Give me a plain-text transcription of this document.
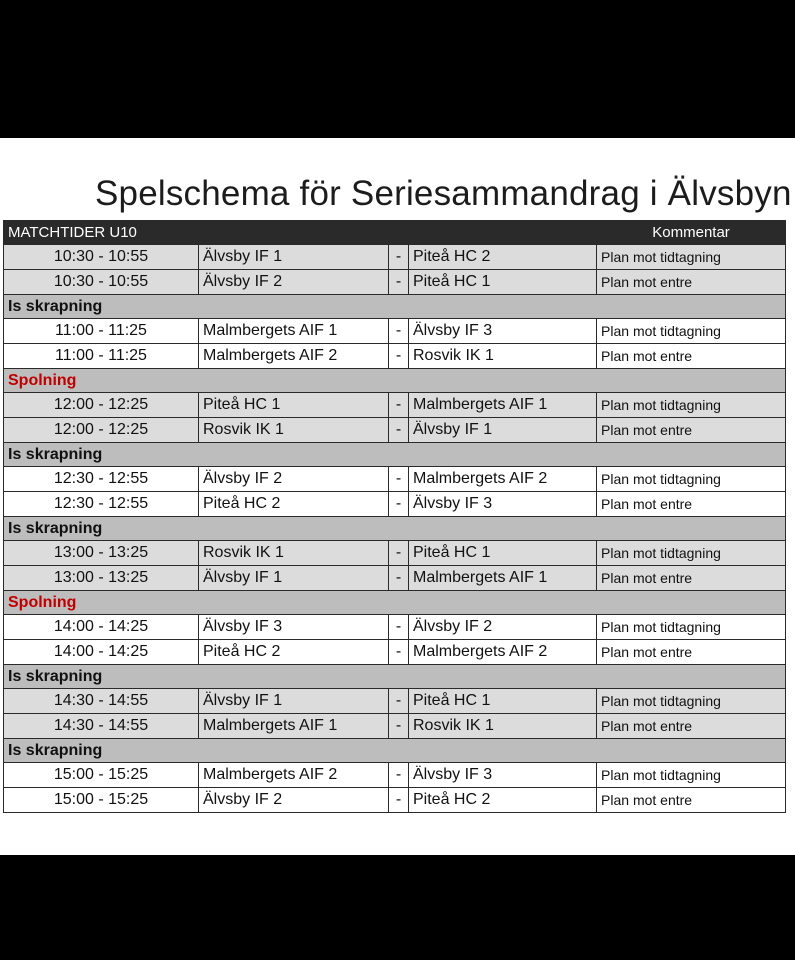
Spelschema för Seriesammandrag i Älvsbyn
MATCHTIDER U10				Kommentar
10:30 - 10:55	Älvsby IF 1	-	Piteå HC 2	Plan mot tidtagning
10:30 - 10:55	Älvsby IF 2	-	Piteå HC 1	Plan mot entre
Is skrapning				
11:00 - 11:25	Malmbergets AIF 1	-	Älvsby IF 3	Plan mot tidtagning
11:00 - 11:25	Malmbergets AIF 2	-	Rosvik IK 1	Plan mot entre
Spolning				
12:00 - 12:25	Piteå HC 1	-	Malmbergets AIF 1	Plan mot tidtagning
12:00 - 12:25	Rosvik IK 1	-	Älvsby IF 1	Plan mot entre
Is skrapning				
12:30 - 12:55	Älvsby IF 2	-	Malmbergets AIF 2	Plan mot tidtagning
12:30 - 12:55	Piteå HC 2	-	Älvsby IF 3	Plan mot entre
Is skrapning				
13:00 - 13:25	Rosvik IK 1	-	Piteå HC 1	Plan mot tidtagning
13:00 - 13:25	Älvsby IF 1	-	Malmbergets AIF 1	Plan mot entre
Spolning				
14:00 - 14:25	Älvsby IF 3	-	Älvsby IF 2	Plan mot tidtagning
14:00 - 14:25	Piteå HC 2	-	Malmbergets AIF 2	Plan mot entre
Is skrapning				
14:30 - 14:55	Älvsby IF 1	-	Piteå HC 1	Plan mot tidtagning
14:30 - 14:55	Malmbergets AIF 1	-	Rosvik IK 1	Plan mot entre
Is skrapning				
15:00 - 15:25	Malmbergets AIF 2	-	Älvsby IF 3	Plan mot tidtagning
15:00 - 15:25	Älvsby IF 2	-	Piteå HC 2	Plan mot entre
